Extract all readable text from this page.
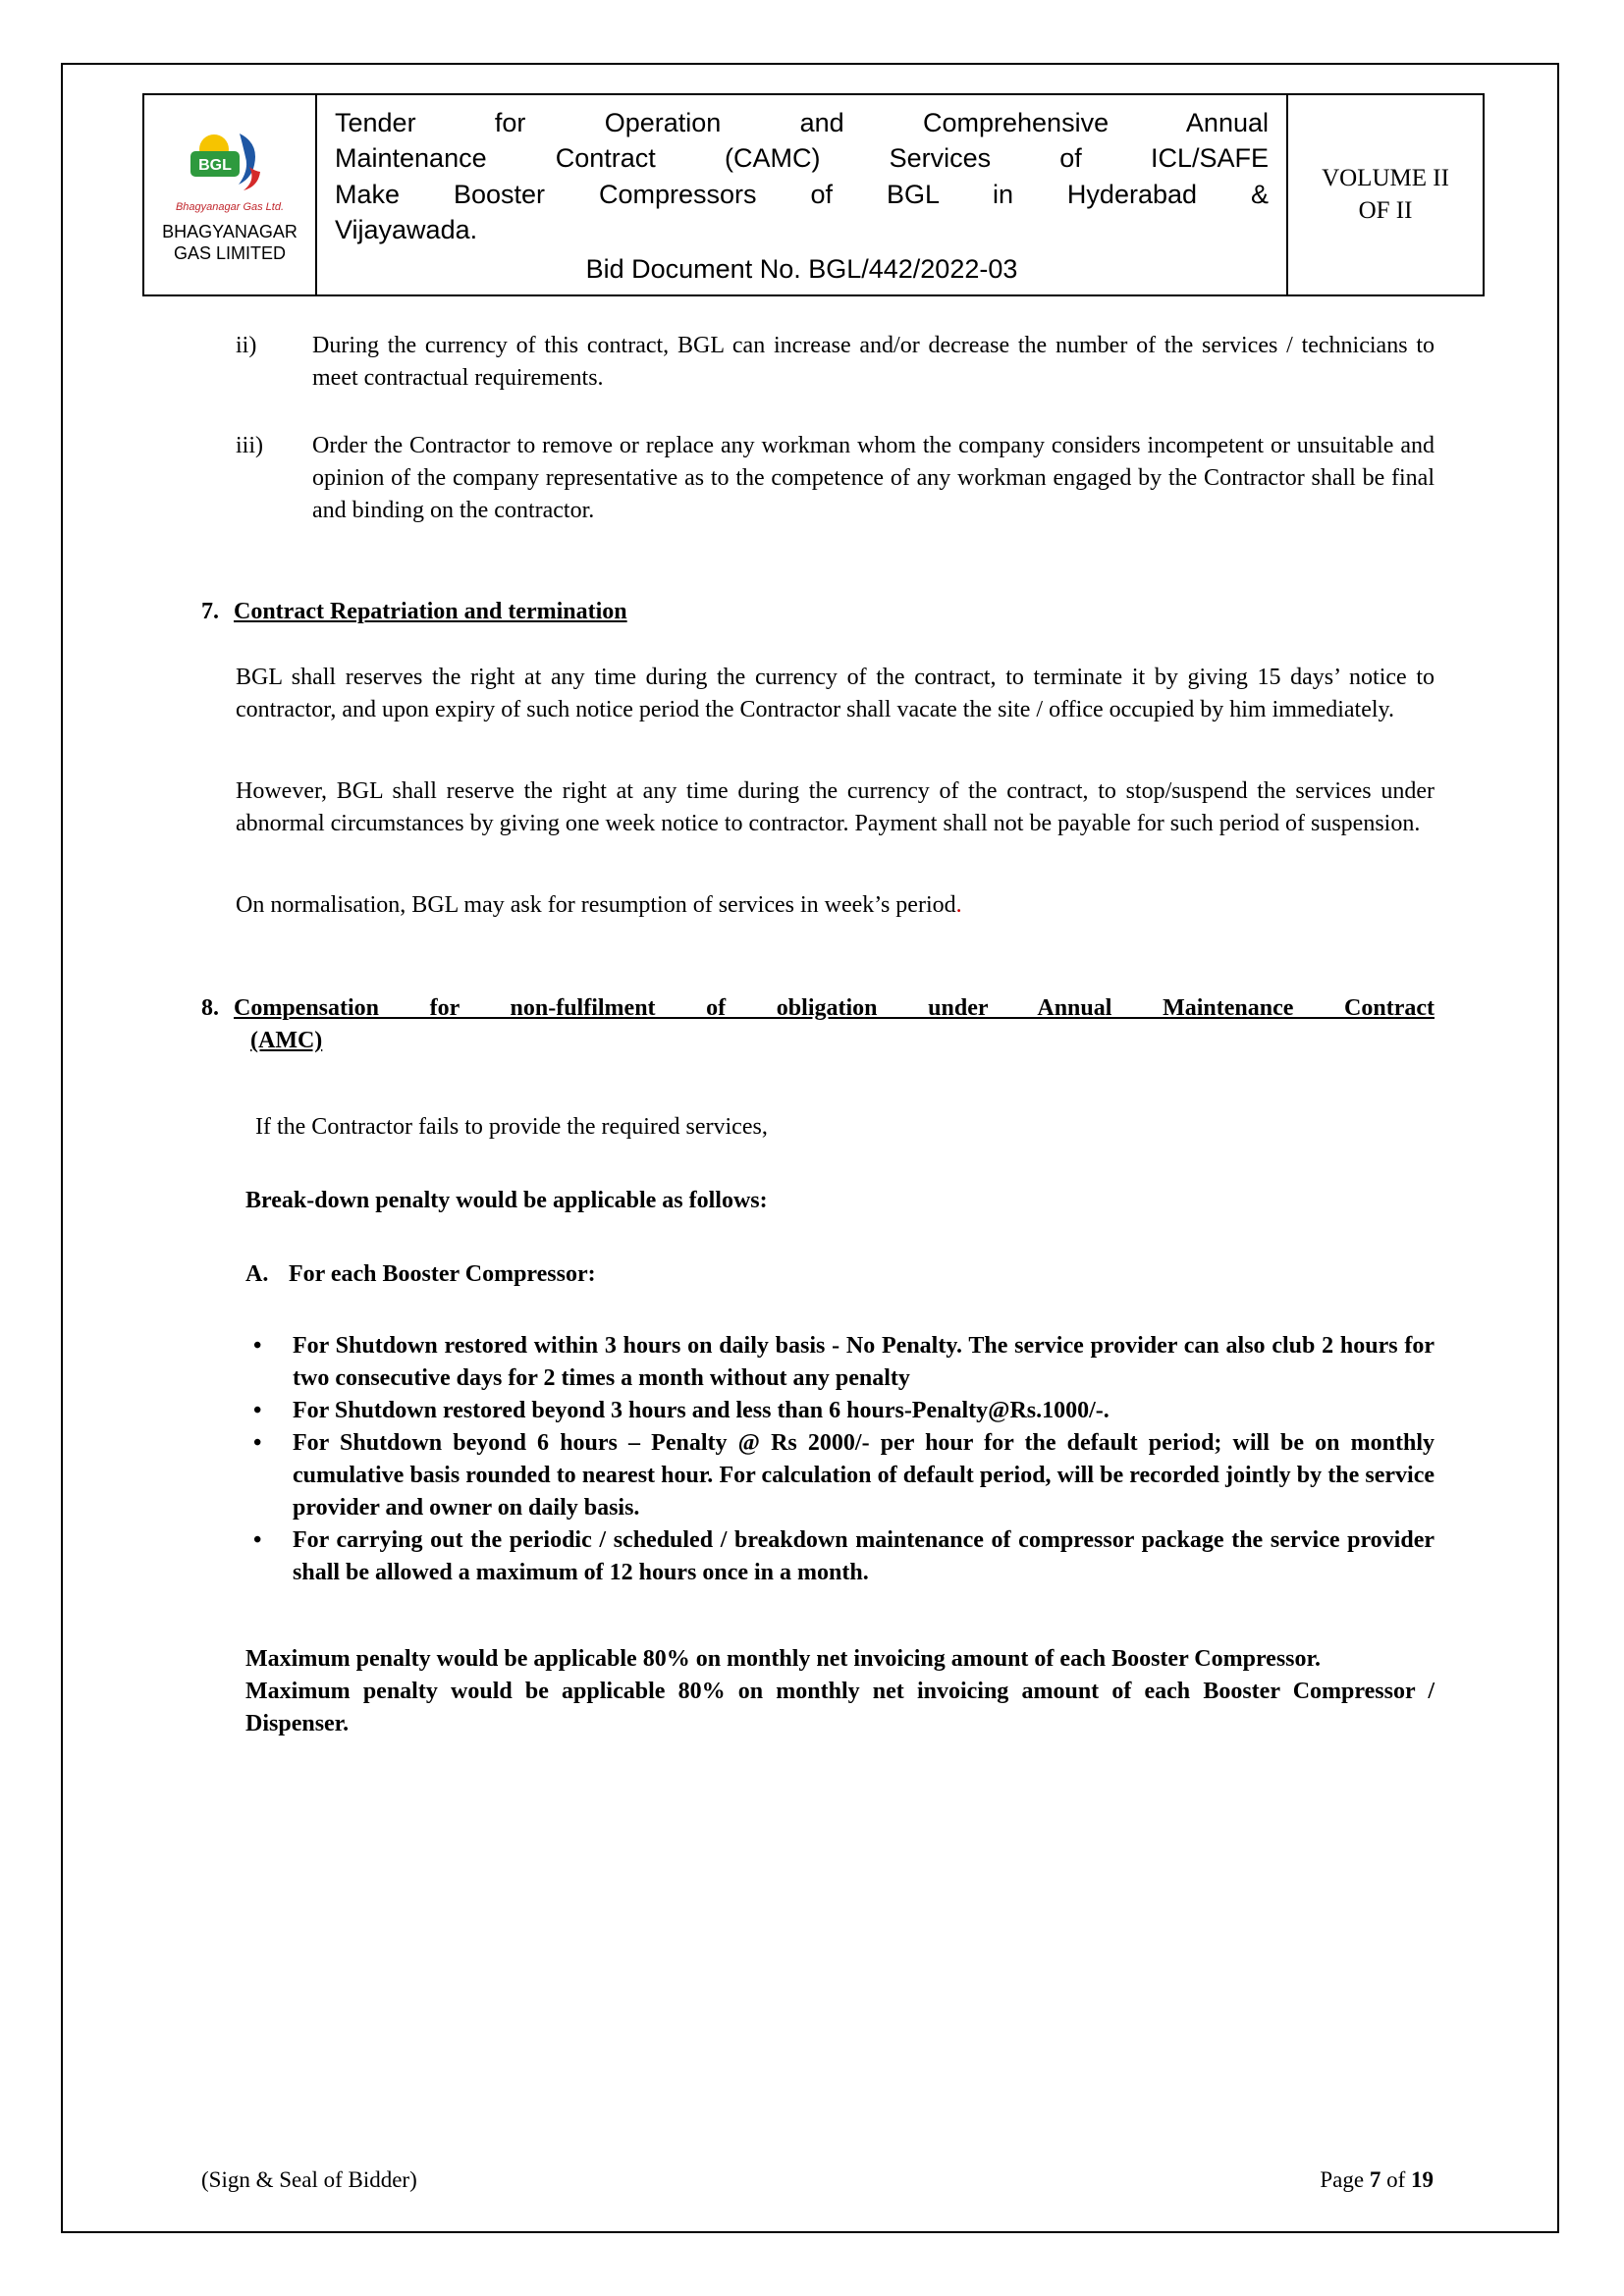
BGL
Bhagyanagar Gas Ltd.
BHAGYANAGAR GAS LIMITED
Tender for Operation and Comprehensive Annual
Maintenance Contract (CAMC) Services of ICL/SAFE
Make Booster Compressors of BGL in Hyderabad &
Vijayawada.
Bid Document No. BGL/442/2022-03
VOLUME II
OF II
ii)	During the currency of this contract, BGL can increase and/or decrease the number of the services / technicians to meet contractual requirements.
iii)	Order the Contractor to remove or replace any workman whom the company considers incompetent or unsuitable and opinion of the company representative as to the competence of any workman engaged by the Contractor shall be final and binding on the contractor.
7. Contract Repatriation and termination

BGL shall reserves the right at any time during the currency of the contract, to terminate it by giving 15 days’ notice to contractor, and upon expiry of such notice period the Contractor shall vacate the site / office occupied by him immediately.

However, BGL shall reserve the right at any time during the currency of the contract, to stop/suspend the services under abnormal circumstances by giving one week notice to contractor. Payment shall not be payable for such period of suspension.

On normalisation, BGL may ask for resumption of services in week’s period.

8. Compensation for non-fulfilment of obligation under Annual Maintenance Contract
(AMC)

If the Contractor fails to provide the required services,

Break-down penalty would be applicable as follows:

A. For each Booster Compressor:
• For Shutdown restored within 3 hours on daily basis - No Penalty. The service provider can also club 2 hours for two consecutive days for 2 times a month without any penalty
• For Shutdown restored beyond 3 hours and less than 6 hours-Penalty@Rs.1000/-.
• For Shutdown beyond 6 hours – Penalty @ Rs 2000/- per hour for the default period; will be on monthly cumulative basis rounded to nearest hour. For calculation of default period, will be recorded jointly by the service provider and owner on daily basis.
• For carrying out the periodic / scheduled / breakdown maintenance of compressor package the service provider shall be allowed a maximum of 12 hours once in a month.

Maximum penalty would be applicable 80% on monthly net invoicing amount of each Booster Compressor.

Maximum penalty would be applicable 80% on monthly net invoicing amount of each Booster Compressor / Dispenser.

(Sign & Seal of Bidder)	Page 7 of 19
